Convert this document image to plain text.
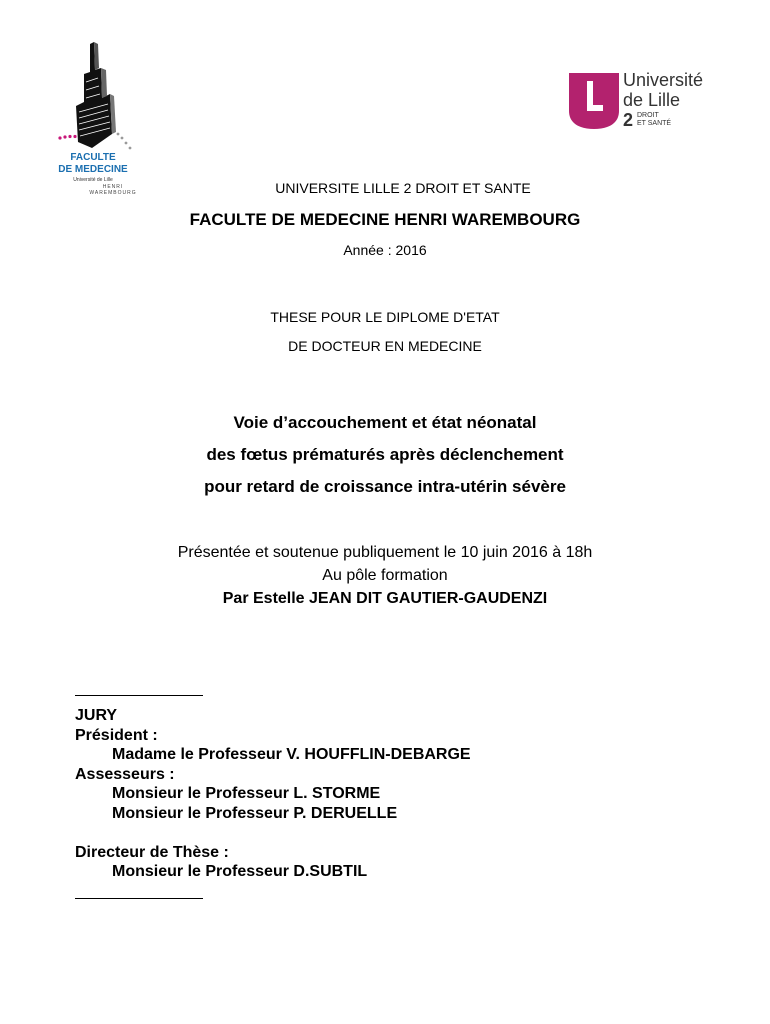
FACULTE
DE MEDECINE
Université de Lille
HENRI WAREMBOURG
Université
de Lille
2 DROIT
ET SANTÉ
UNIVERSITE LILLE 2 DROIT ET SANTE
FACULTE DE MEDECINE HENRI WAREMBOURG
Année : 2016
THESE POUR LE DIPLOME D'ETAT
DE DOCTEUR EN MEDECINE
Voie d’accouchement et état néonatal
des fœtus prématurés après déclenchement
pour retard de croissance intra-utérin sévère
Présentée et soutenue publiquement le 10 juin 2016 à 18h
Au pôle formation
Par Estelle JEAN DIT GAUTIER-GAUDENZI
JURY
Président :
Madame le Professeur V. HOUFFLIN-DEBARGE
Assesseurs :
Monsieur le Professeur L. STORME
Monsieur le Professeur P. DERUELLE
Directeur de Thèse :
Monsieur le Professeur D.SUBTIL
